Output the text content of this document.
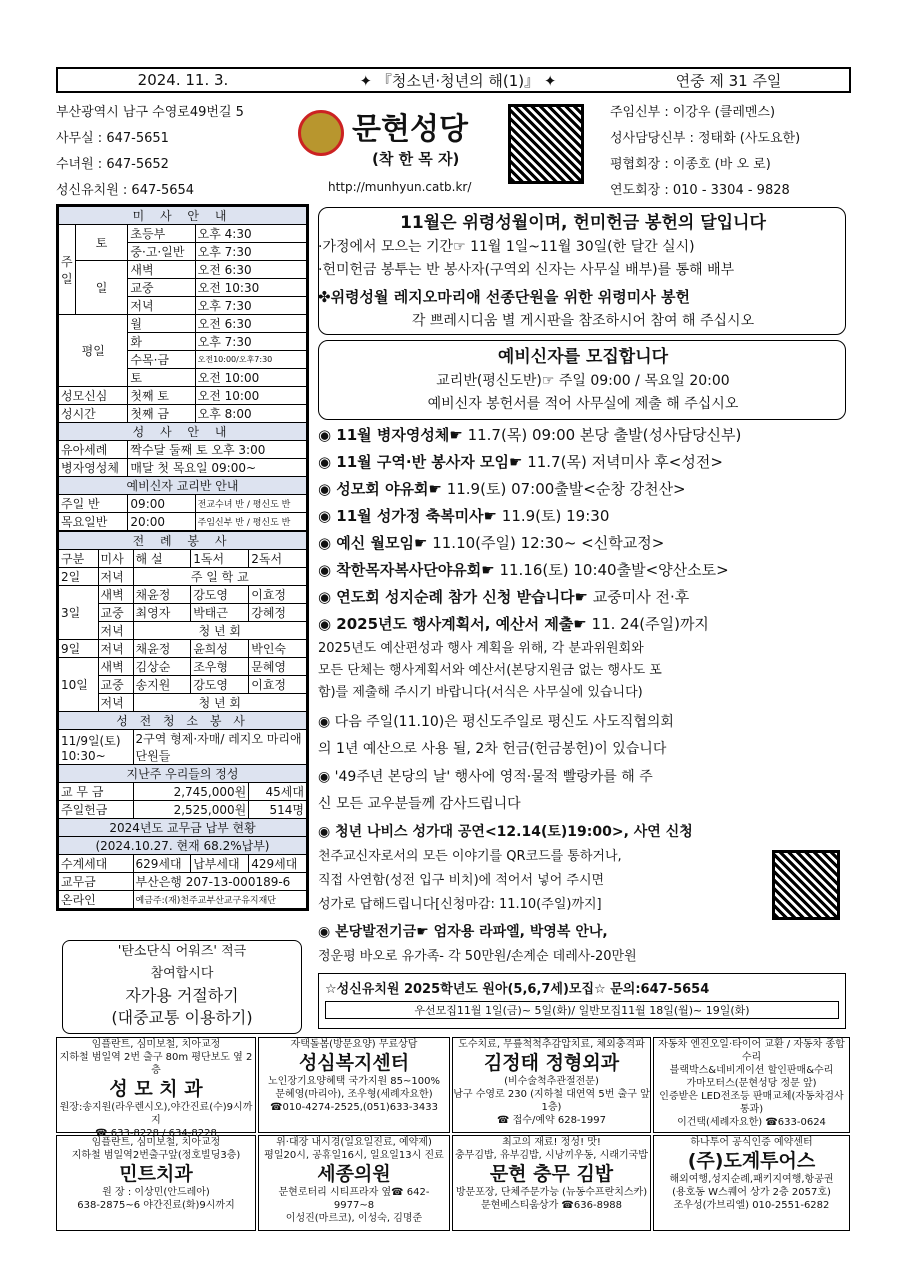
2024. 11. 3.	✦ 『청소년·청년의 해(1)』 ✦	연중 제 31 주일
부산광역시 남구 수영로49번길 5
사무실 : 647-5651
수녀원 : 647-5652
성신유치원 : 647-5654
문현성당
(착 한 목 자)
http://munhyun.catb.kr/
주임신부 : 이강우 (클레멘스)
성사담당신부 : 정태화 (사도요한)
평협회장 : 이종호 (바 오 로)
연도회장 : 010 - 3304 - 9828
미 사 안 내			
주일	토	초등부	오후 4:30
		중·고·일반	오후 7:30
	일	새벽	오전 6:30
		교중	오전 10:30
		저녁	오후 7:30
평일		월	오전 6:30
		화	오후 7:30
		수목·금	오전10:00/오후7:30
		토	오전 10:00
성모신심		첫째 토	오전 10:00
성시간		첫째 금	오후 8:00
성 사 안 내			
유아세례		짝수달 둘째 토 오후 3:00	
병자영성체		매달 첫 목요일 09:00~	
예비신자 교리반 안내			
주일 반		09:00	전교수녀 반 / 평신도 반
목요일반		20:00	주임신부 반 / 평신도 반
전 례 봉 사				
구분	미사	해 설	1독서	2독서
2일	저녁	주 일 학 교		
3일	새벽	채윤정	강도영	이효정
	교중	최영자	박태근	강혜정
	저녁	청 년 회		
9일	저녁	채윤정	윤희성	박인숙
10일	새벽	김상순	조우형	문혜영
	교중	송지원	강도영	이효정
	저녁	청 년 회		
성 전 청 소 봉 사				
11/9일(토) 10:30~		2구역 형제·자매/ 레지오 마리애 단원들		
지난주 우리들의 정성				
교 무 금		2,745,000원		45세대
주일헌금		2,525,000원		514명
2024년도 교무금 납부 현황				
(2024.10.27. 현재 68.2%납부)				
수계세대		629세대	납부세대	429세대
교무금		부산은행 207-13-000189-6		
온라인		예금주:(재)천주교부산교구유지재단		
'탄소단식 어워즈' 적극
참여합시다
자가용 거절하기
(대중교통 이용하기)
11월은 위령성월이며, 헌미헌금 봉헌의 달입니다
·가정에서 모으는 기간☞ 11월 1일~11월 30일(한 달간 실시)
·헌미헌금 봉투는 반 봉사자(구역외 신자는 사무실 배부)를 통해 배부
✤위령성월 레지오마리애 선종단원을 위한 위령미사 봉헌
각 쁘레시디움 별 게시판을 참조하시어 참여 해 주십시오
예비신자를 모집합니다
교리반(평신도반)☞ 주일 09:00 / 목요일 20:00
예비신자 봉헌서를 적어 사무실에 제출 해 주십시오
◉ 11월 병자영성체☛ 11.7(목) 09:00 본당 출발(성사담당신부)
◉ 11월 구역·반 봉사자 모임☛ 11.7(목) 저녁미사 후<성전>
◉ 성모회 야유회☛ 11.9(토) 07:00출발<순창 강천산>
◉ 11월 성가정 축복미사☛ 11.9(토) 19:30
◉ 예신 월모임☛ 11.10(주일) 12:30~ <신학교정>
◉ 착한목자복사단야유회☛ 11.16(토) 10:40출발<양산소토>
◉ 연도회 성지순례 참가 신청 받습니다☛ 교중미사 전·후
◉ 2025년도 행사계획서, 예산서 제출☛ 11. 24(주일)까지
2025년도 예산편성과 행사 계획을 위해, 각 분과위원회와
모든 단체는 행사계획서와 예산서(본당지원금 없는 행사도 포
함)를 제출해 주시기 바랍니다(서식은 사무실에 있습니다)
◉ 다음 주일(11.10)은 평신도주일로 평신도 사도직협의회
의 1년 예산으로 사용 될, 2차 헌금(헌금봉헌)이 있습니다
◉ '49주년 본당의 날' 행사에 영적·물적 빨랑카를 해 주
신 모든 교우분들께 감사드립니다
◉ 청년 나비스 성가대 공연<12.14(토)19:00>, 사연 신청
천주교신자로서의 모든 이야기를 QR코드를 통하거나,
직접 사연함(성전 입구 비치)에 적어서 넣어 주시면
성가로 답해드립니다[신청마감: 11.10(주일)까지]
◉ 본당발전기금☛ 엄자용 라파엘, 박영복 안나,
정운평 바오로 유가족- 각 50만원/손계순 데레사-20만원
☆성신유치원 2025학년도 원아(5,6,7세)모집☆ 문의:647-5654
우선모집11월 1일(금)~ 5일(화)/ 일반모집11월 18일(월)~ 19일(화)
임플란트, 심미보철, 치아교정
지하철 범일역 2번 출구 80m 평단보도 옆 2층
성 모 치 과
원장:송지원(라우렌시오),야간진료(수)9시까지
☎ 633-8228 / 634-8228
자택돌봄(방문요양) 무료상담
성심복지센터
노인장기요양혜택 국가지원 85~100%
문혜영(마리아), 조우형(세례자요한)
☎010-4274-2525,(051)633-3433
도수치료, 무릎척척추감압치료, 체외충격파
김정태 정형외과
(비수술척추관절전문)
남구 수영로 230 (지하철 대연역 5번 출구 앞 1층)
☎ 접수/예약 628-1997
자동차 엔진오일·타이어 교환 / 자동차 종합 수리
블랙박스&네비게이션 할인판매&수리
가마모터스(문현성당 정문 앞)
인증받은 LED전조등 판매교체(자동차검사 통과)
이건택(세례자요한) ☎633-0624
임플란트, 심미보철, 치아교정
지하철 범일역2번출구앞(정호빌딩3층)
민트치과
원 장 : 이상민(안드레아)
638-2875~6 야간진료(화)9시까지
위·대장 내시경(일요일진료, 예약제)
평일20시, 공휴일16시, 일요일13시 진료
세종의원
문현로터리 시티프라자 옆☎ 642-9977~8
이성진(마르코), 이성숙, 김명준
최고의 재료! 정성! 맛!
충무김밥, 유부김밥, 시낭끼우동, 시래기국밥
문현 충무 김밥
방문포장, 단체주문가능 (뉴동수프란치스카)
문현베스티움상가 ☎636-8988
하나투어 공식인증 예약센터
(주)도계투어스
해외여행,성지순례,패키지여행,항공권
(용호동 W스퀘어 상가 2층 2057호)
조우성(가브리엘) 010-2551-6282
